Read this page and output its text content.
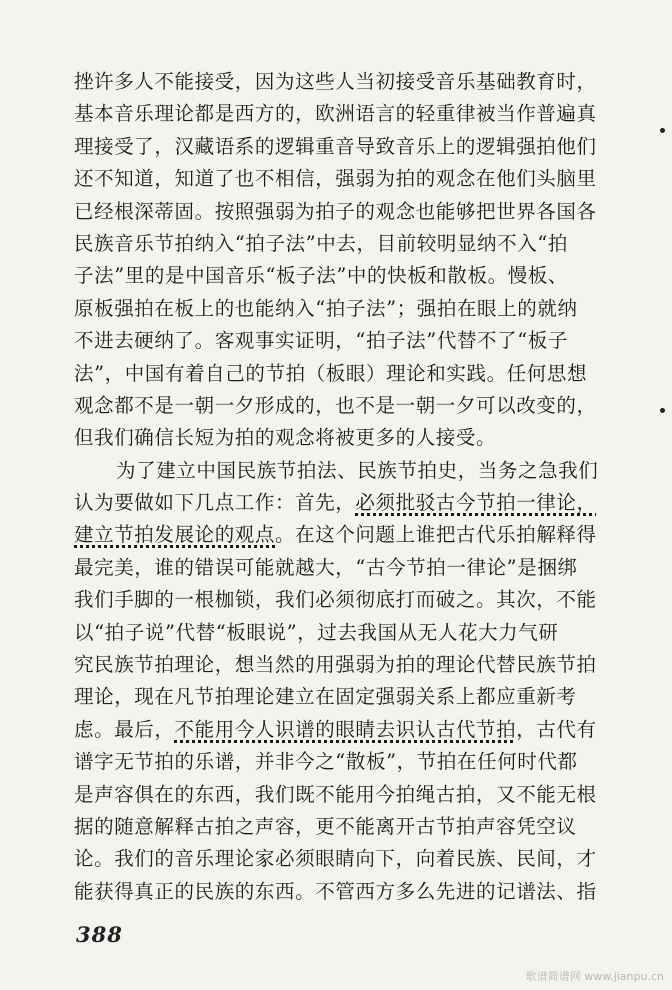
挫许多人不能接受，因为这些人当初接受音乐基础教育时，
基本音乐理论都是西方的，欧洲语言的轻重律被当作普遍真
理接受了，汉藏语系的逻辑重音导致音乐上的逻辑强拍他们
还不知道，知道了也不相信，强弱为拍的观念在他们头脑里
已经根深蒂固。按照强弱为拍子的观念也能够把世界各国各
民族音乐节拍纳入“拍子法”中去，目前较明显纳不入“拍
子法”里的是中国音乐“板子法”中的快板和散板。慢板、
原板强拍在板上的也能纳入“拍子法”；强拍在眼上的就纳
不进去硬纳了。客观事实证明，“拍子法”代替不了“板子
法”，中国有着自己的节拍（板眼）理论和实践。任何思想
观念都不是一朝一夕形成的，也不是一朝一夕可以改变的，
但我们确信长短为拍的观念将被更多的人接受。
为了建立中国民族节拍法、民族节拍史，当务之急我们
认为要做如下几点工作：首先，必须批驳古今节拍一律论，
建立节拍发展论的观点。在这个问题上谁把古代乐拍解释得
最完美，谁的错误可能就越大，“古今节拍一律论”是捆绑
我们手脚的一根枷锁，我们必须彻底打而破之。其次，不能
以“拍子说”代替“板眼说”，过去我国从无人花大力气研
究民族节拍理论，想当然的用强弱为拍的理论代替民族节拍
理论，现在凡节拍理论建立在固定强弱关系上都应重新考
虑。最后，不能用今人识谱的眼睛去识认古代节拍，古代有
谱字无节拍的乐谱，并非今之“散板”，节拍在任何时代都
是声容俱在的东西，我们既不能用今拍绳古拍，又不能无根
据的随意解释古拍之声容，更不能离开古节拍声容凭空议
论。我们的音乐理论家必须眼睛向下，向着民族、民间，才
能获得真正的民族的东西。不管西方多么先进的记谱法、指
388
歌谱简谱网 www.jianpu.cn
